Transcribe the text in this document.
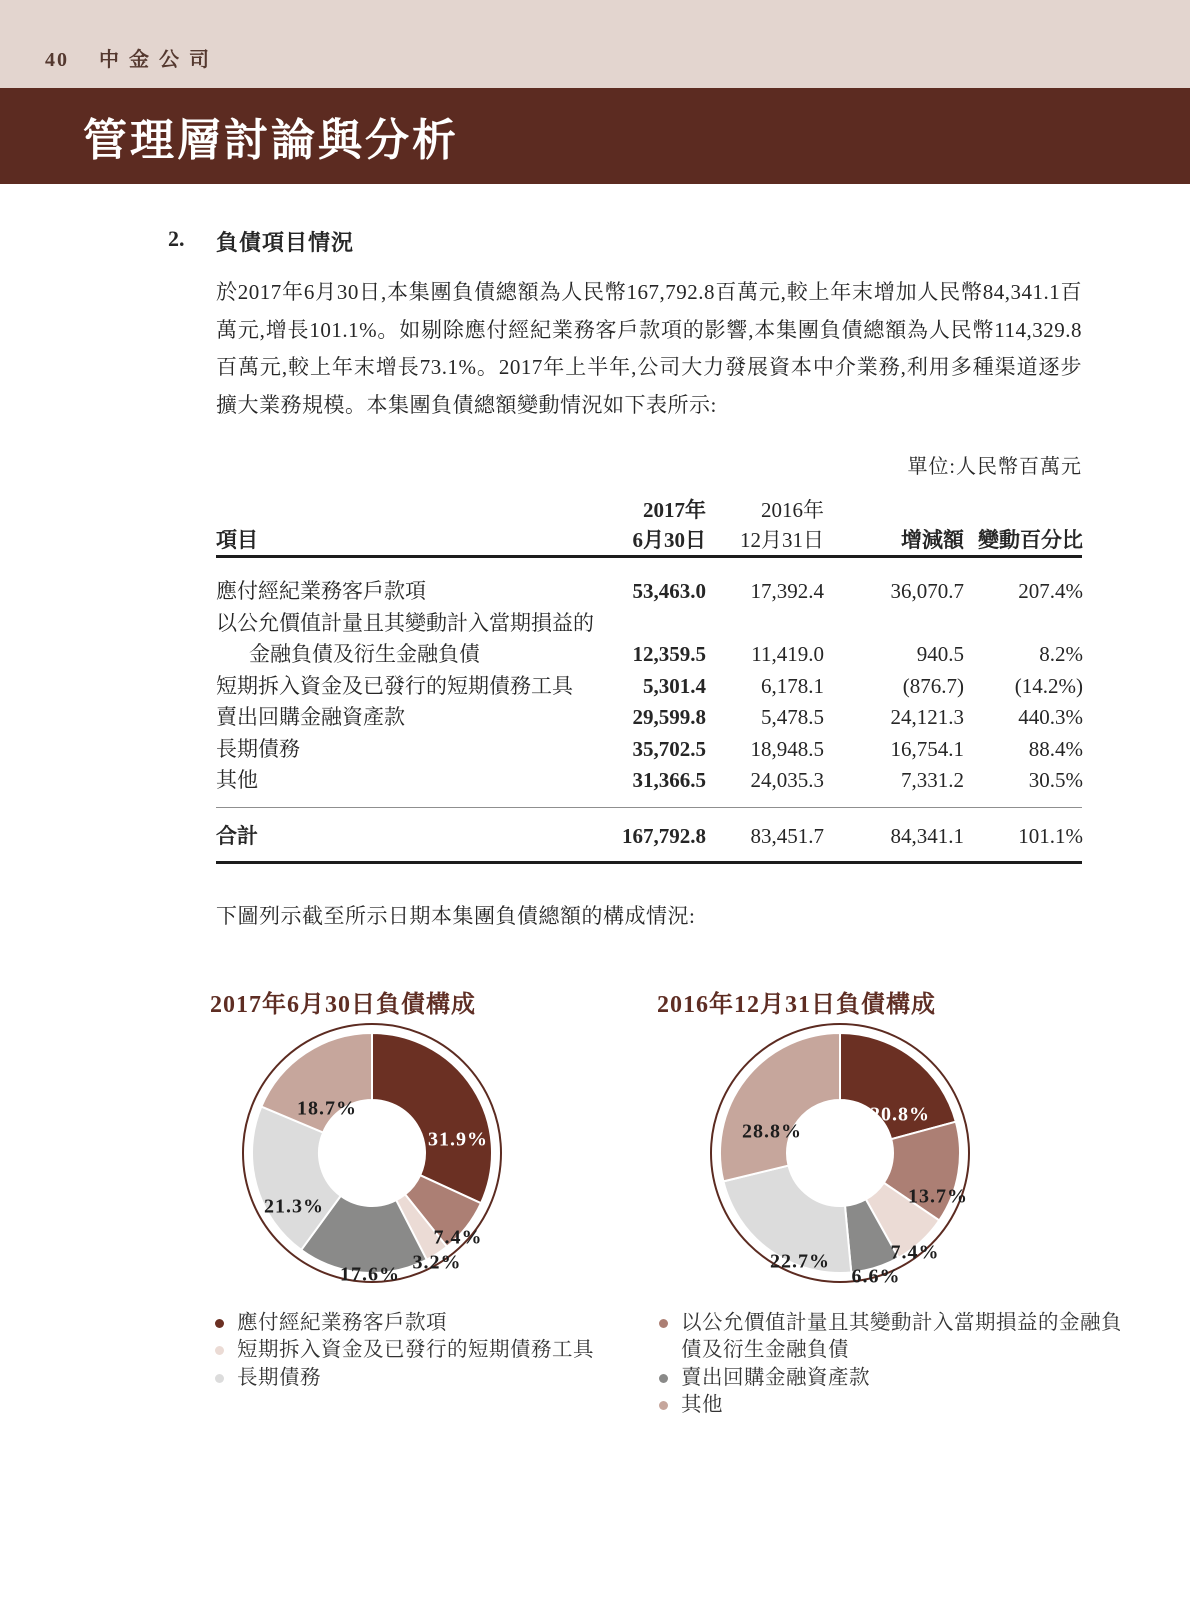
40 中金公司
管理層討論與分析
2. 負債項目情況

於2017年6月30日,本集團負債總額為人民幣167,792.8百萬元,較上年末增加人民幣84,341.1百萬元,增長101.1%。如剔除應付經紀業務客戶款項的影響,本集團負債總額為人民幣114,329.8百萬元,較上年末增長73.1%。2017年上半年,公司大力發展資本中介業務,利用多種渠道逐步擴大業務規模。本集團負債總額變動情況如下表所示:

單位:人民幣百萬元

2017年	2016年
項目	6月30日	12月31日	增減額 變動百分比
應付經紀業務客戶款項	53,463.0	17,392.4	36,070.7	207.4%
以公允價值計量且其變動計入當期損益的
金融負債及衍生金融負債	12,359.5	11,419.0	940.5	8.2%
短期拆入資金及已發行的短期債務工具	5,301.4	6,178.1	(876.7)	(14.2%)
賣出回購金融資產款	29,599.8	5,478.5	24,121.3	440.3%
長期債務	35,702.5	18,948.5	16,754.1	88.4%
其他	31,366.5	24,035.3	7,331.2	30.5%
合計	167,792.8	83,451.7	84,341.1	101.1%

下圖列示截至所示日期本集團負債總額的構成情況:

2017年6月30日負債構成	2016年12月31日負債構成
31.9%
7.4%
3.2%
17.6%
21.3%
18.7%	20.8%
13.7%
7.4%
6.6%
22.7%
28.8%
應付經紀業務客戶款項
短期拆入資金及已發行的短期債務工具
長期債務
以公允價值計量且其變動計入當期損益的金融負債及衍生金融負債
賣出回購金融資產款
其他
